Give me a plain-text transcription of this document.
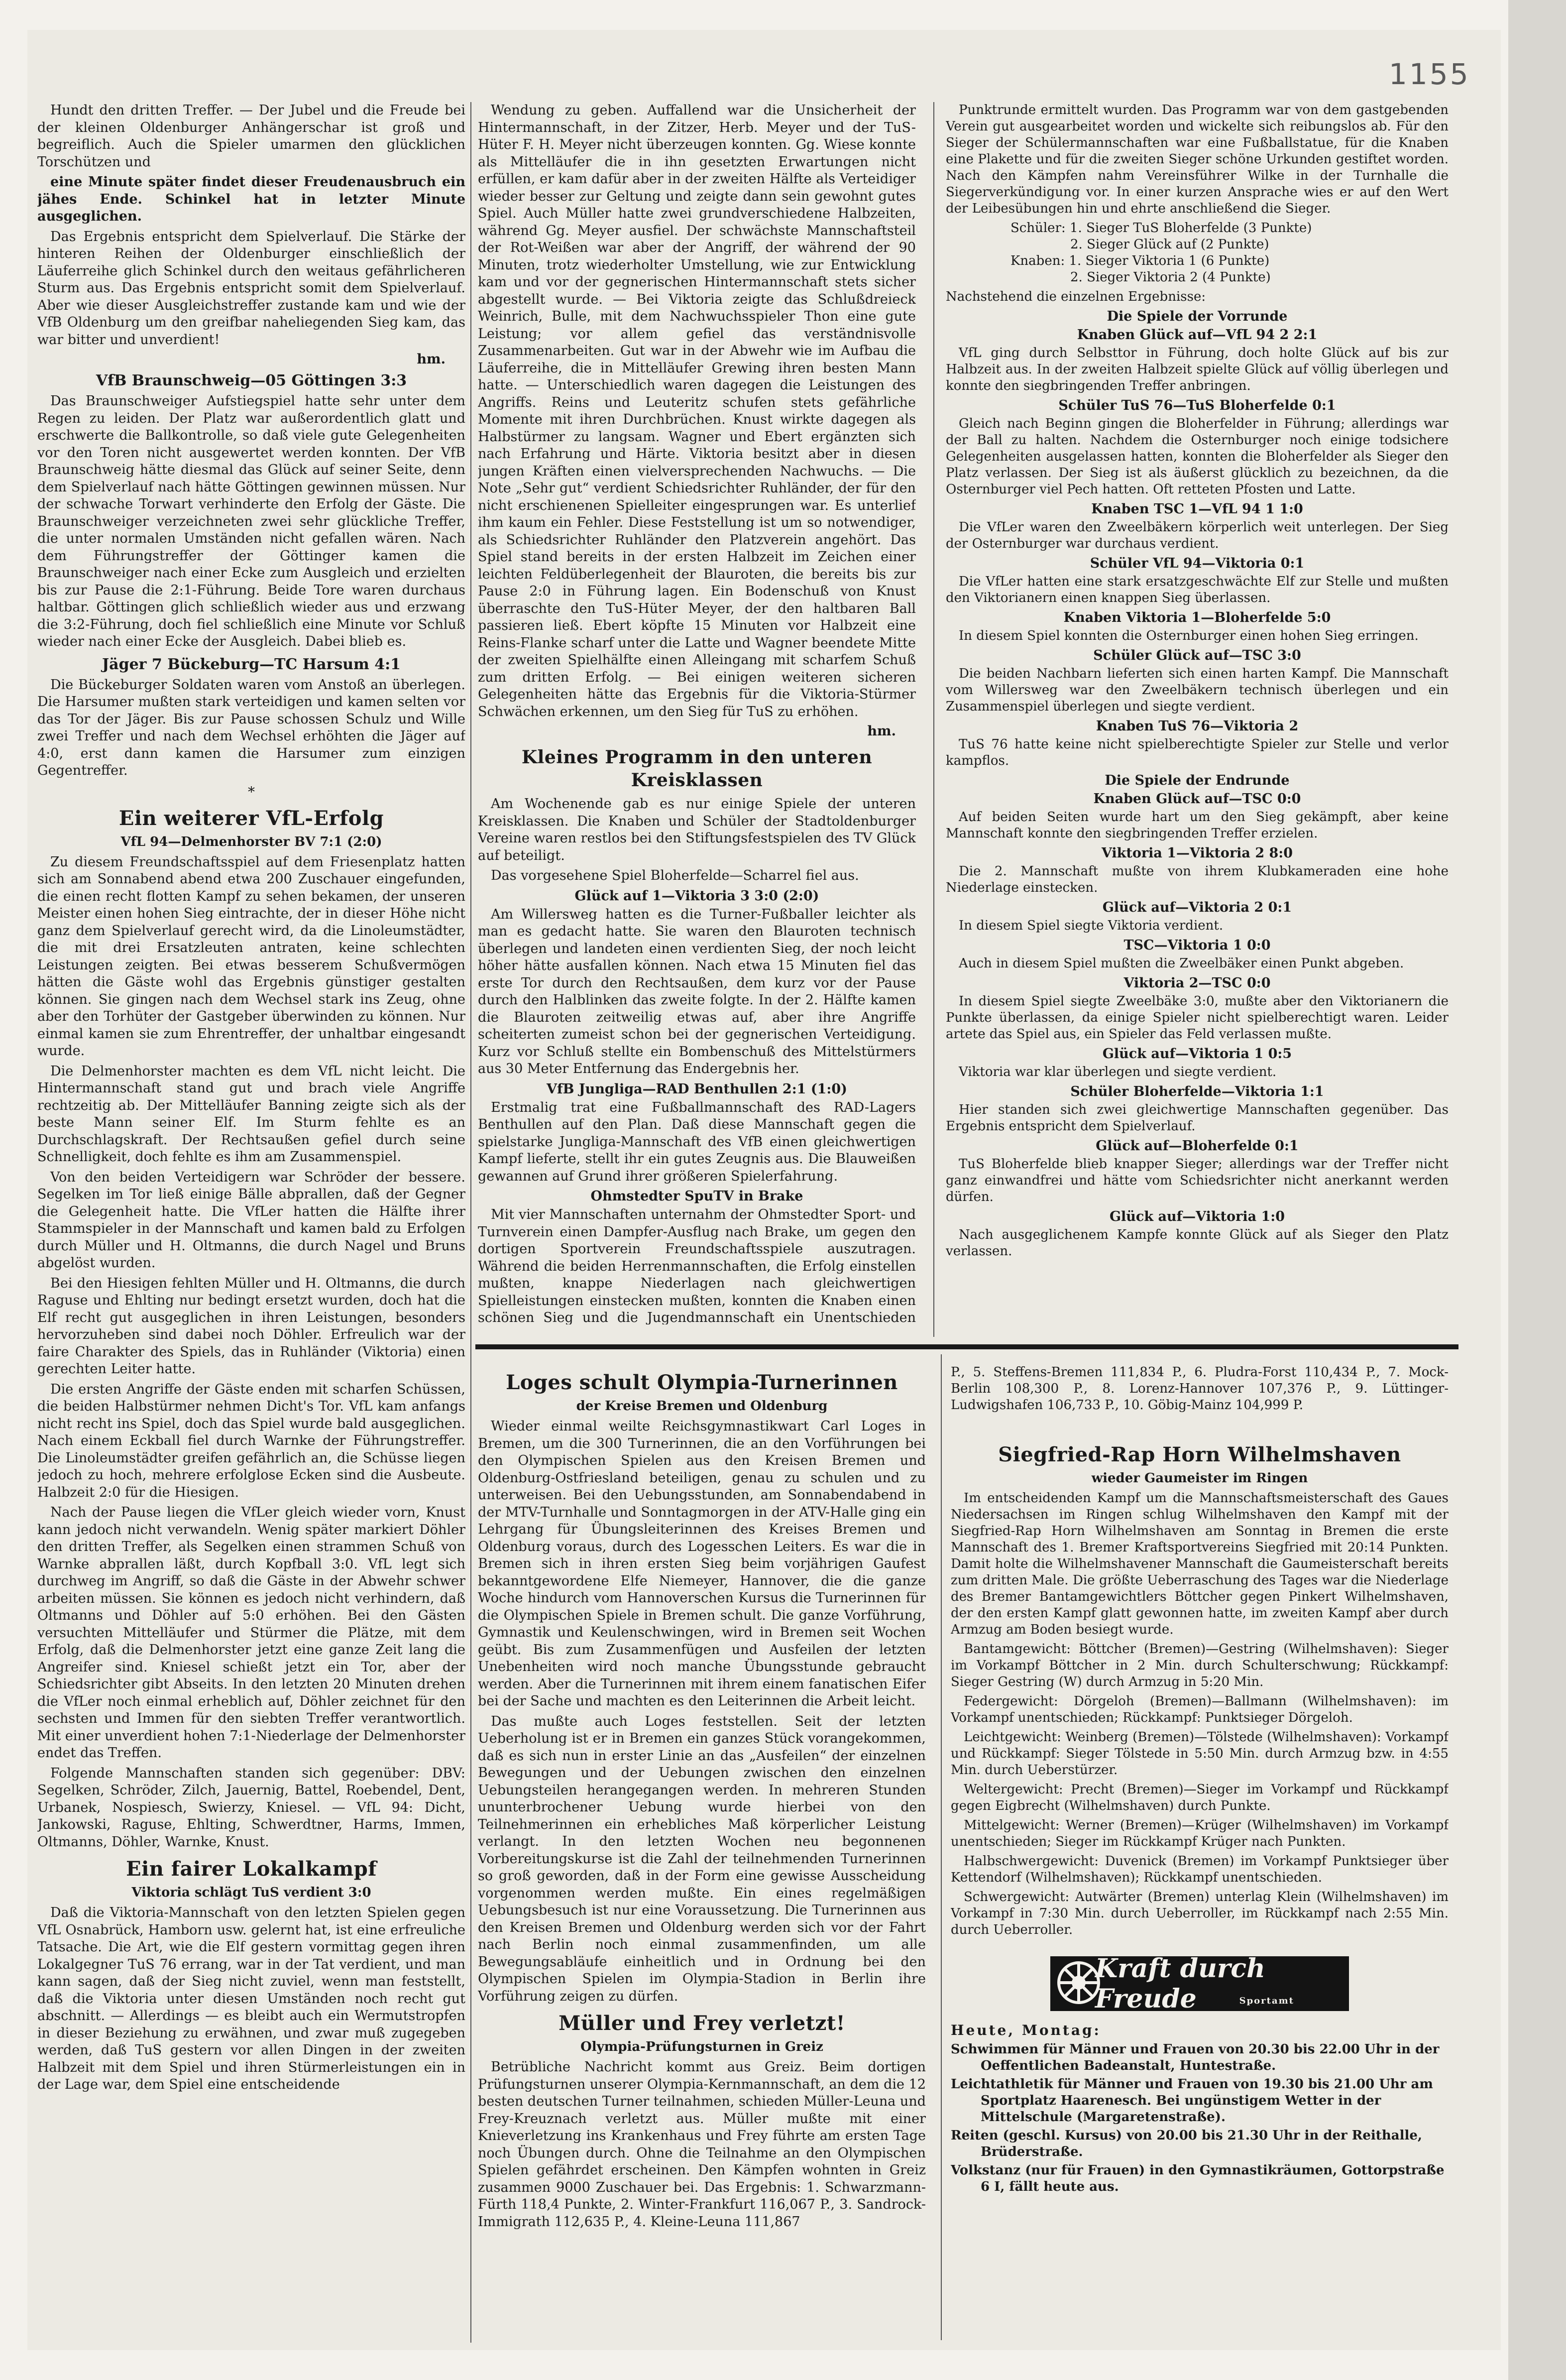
1155

Hundt den dritten Treffer. — Der Jubel und die Freude bei der kleinen Oldenburger Anhängerschar ist groß und begreiflich. Auch die Spieler umarmen den glücklichen Torschützen und

eine Minute später findet dieser Freudenausbruch ein jähes Ende. Schinkel hat in letzter Minute ausgeglichen.

Das Ergebnis entspricht dem Spielverlauf. Die Stärke der hinteren Reihen der Oldenburger einschließlich der Läuferreihe glich Schinkel durch den weitaus gefährlicheren Sturm aus. Das Ergebnis entspricht somit dem Spielverlauf. Aber wie dieser Ausgleichstreffer zustande kam und wie der VfB Oldenburg um den greifbar naheliegenden Sieg kam, das war bitter und unverdient!

hm.
VfB Braunschweig—05 Göttingen 3:3

Das Braunschweiger Aufstiegspiel hatte sehr unter dem Regen zu leiden. Der Platz war außerordentlich glatt und erschwerte die Ballkontrolle, so daß viele gute Gelegenheiten vor den Toren nicht ausgewertet werden konnten. Der VfB Braunschweig hätte diesmal das Glück auf seiner Seite, denn dem Spielverlauf nach hätte Göttingen gewinnen müssen. Nur der schwache Torwart verhinderte den Erfolg der Gäste. Die Braunschweiger verzeichneten zwei sehr glückliche Treffer, die unter normalen Umständen nicht gefallen wären. Nach dem Führungstreffer der Göttinger kamen die Braunschweiger nach einer Ecke zum Ausgleich und erzielten bis zur Pause die 2:1-Führung. Beide Tore waren durchaus haltbar. Göttingen glich schließlich wieder aus und erzwang die 3:2-Führung, doch fiel schließlich eine Minute vor Schluß wieder nach einer Ecke der Ausgleich. Dabei blieb es.

Jäger 7 Bückeburg—TC Harsum 4:1

Die Bückeburger Soldaten waren vom Anstoß an überlegen. Die Harsumer mußten stark verteidigen und kamen selten vor das Tor der Jäger. Bis zur Pause schossen Schulz und Wille zwei Treffer und nach dem Wechsel erhöhten die Jäger auf 4:0, erst dann kamen die Harsumer zum einzigen Gegentreffer.

*
Ein weiterer VfL-Erfolg
VfL 94—Delmenhorster BV 7:1 (2:0)

Zu diesem Freundschaftsspiel auf dem Friesenplatz hatten sich am Sonnabend abend etwa 200 Zuschauer eingefunden, die einen recht flotten Kampf zu sehen bekamen, der unseren Meister einen hohen Sieg eintrachte, der in dieser Höhe nicht ganz dem Spielverlauf gerecht wird, da die Linoleumstädter, die mit drei Ersatzleuten antraten, keine schlechten Leistungen zeigten. Bei etwas besserem Schußvermögen hätten die Gäste wohl das Ergebnis günstiger gestalten können. Sie gingen nach dem Wechsel stark ins Zeug, ohne aber den Torhüter der Gastgeber überwinden zu können. Nur einmal kamen sie zum Ehrentreffer, der unhaltbar eingesandt wurde.

Die Delmenhorster machten es dem VfL nicht leicht. Die Hintermannschaft stand gut und brach viele Angriffe rechtzeitig ab. Der Mittelläufer Banning zeigte sich als der beste Mann seiner Elf. Im Sturm fehlte es an Durchschlagskraft. Der Rechtsaußen gefiel durch seine Schnelligkeit, doch fehlte es ihm am Zusammenspiel.

Von den beiden Verteidigern war Schröder der bessere. Segelken im Tor ließ einige Bälle abprallen, daß der Gegner die Gelegenheit hatte. Die VfLer hatten die Hälfte ihrer Stammspieler in der Mannschaft und kamen bald zu Erfolgen durch Müller und H. Oltmanns, die durch Nagel und Bruns abgelöst wurden.

Bei den Hiesigen fehlten Müller und H. Oltmanns, die durch Raguse und Ehlting nur bedingt ersetzt wurden, doch hat die Elf recht gut ausgeglichen in ihren Leistungen, besonders hervorzuheben sind dabei noch Döhler. Erfreulich war der faire Charakter des Spiels, das in Ruhländer (Viktoria) einen gerechten Leiter hatte.

Die ersten Angriffe der Gäste enden mit scharfen Schüssen, die beiden Halbstürmer nehmen Dicht's Tor. VfL kam anfangs nicht recht ins Spiel, doch das Spiel wurde bald ausgeglichen. Nach einem Eckball fiel durch Warnke der Führungstreffer. Die Linoleumstädter greifen gefährlich an, die Schüsse liegen jedoch zu hoch, mehrere erfolglose Ecken sind die Ausbeute. Halbzeit 2:0 für die Hiesigen.

Nach der Pause liegen die VfLer gleich wieder vorn, Knust kann jedoch nicht verwandeln. Wenig später markiert Döhler den dritten Treffer, als Segelken einen strammen Schuß von Warnke abprallen läßt, durch Kopfball 3:0. VfL legt sich durchweg im Angriff, so daß die Gäste in der Abwehr schwer arbeiten müssen. Sie können es jedoch nicht verhindern, daß Oltmanns und Döhler auf 5:0 erhöhen. Bei den Gästen versuchten Mittelläufer und Stürmer die Plätze, mit dem Erfolg, daß die Delmenhorster jetzt eine ganze Zeit lang die Angreifer sind. Kniesel schießt jetzt ein Tor, aber der Schiedsrichter gibt Abseits. In den letzten 20 Minuten drehen die VfLer noch einmal erheblich auf, Döhler zeichnet für den sechsten und Immen für den siebten Treffer verantwortlich. Mit einer unverdient hohen 7:1-Niederlage der Delmenhorster endet das Treffen.

Folgende Mannschaften standen sich gegenüber: DBV: Segelken, Schröder, Zilch, Jauernig, Battel, Roebendel, Dent, Urbanek, Nospiesch, Swierzy, Kniesel. — VfL 94: Dicht, Jankowski, Raguse, Ehlting, Schwerdtner, Harms, Immen, Oltmanns, Döhler, Warnke, Knust.

Ein fairer Lokalkampf
Viktoria schlägt TuS verdient 3:0

Daß die Viktoria-Mannschaft von den letzten Spielen gegen VfL Osnabrück, Hamborn usw. gelernt hat, ist eine erfreuliche Tatsache. Die Art, wie die Elf gestern vormittag gegen ihren Lokalgegner TuS 76 errang, war in der Tat verdient, und man kann sagen, daß der Sieg nicht zuviel, wenn man feststellt, daß die Viktoria unter diesen Umständen noch recht gut abschnitt. — Allerdings — es bleibt auch ein Wermutstropfen in dieser Beziehung zu erwähnen, und zwar muß zugegeben werden, daß TuS gestern vor allen Dingen in der zweiten Halbzeit mit dem Spiel und ihren Stürmerleistungen ein in der Lage war, dem Spiel eine entscheidende

Wendung zu geben. Auffallend war die Unsicherheit der Hintermannschaft, in der Zitzer, Herb. Meyer und der TuS-Hüter F. H. Meyer nicht überzeugen konnten. Gg. Wiese konnte als Mittelläufer die in ihn gesetzten Erwartungen nicht erfüllen, er kam dafür aber in der zweiten Hälfte als Verteidiger wieder besser zur Geltung und zeigte dann sein gewohnt gutes Spiel. Auch Müller hatte zwei grundverschiedene Halbzeiten, während Gg. Meyer ausfiel. Der schwächste Mannschaftsteil der Rot-Weißen war aber der Angriff, der während der 90 Minuten, trotz wiederholter Umstellung, wie zur Entwicklung kam und vor der gegnerischen Hintermannschaft stets sicher abgestellt wurde. — Bei Viktoria zeigte das Schlußdreieck Weinrich, Bulle, mit dem Nachwuchsspieler Thon eine gute Leistung; vor allem gefiel das verständnisvolle Zusammenarbeiten. Gut war in der Abwehr wie im Aufbau die Läuferreihe, die in Mittelläufer Grewing ihren besten Mann hatte. — Unterschiedlich waren dagegen die Leistungen des Angriffs. Reins und Leuteritz schufen stets gefährliche Momente mit ihren Durchbrüchen. Knust wirkte dagegen als Halbstürmer zu langsam. Wagner und Ebert ergänzten sich nach Erfahrung und Härte. Viktoria besitzt aber in diesen jungen Kräften einen vielversprechenden Nachwuchs. — Die Note „Sehr gut“ verdient Schiedsrichter Ruhländer, der für den nicht erschienenen Spielleiter eingesprungen war. Es unterlief ihm kaum ein Fehler. Diese Feststellung ist um so notwendiger, als Schiedsrichter Ruhländer den Platzverein angehört. Das Spiel stand bereits in der ersten Halbzeit im Zeichen einer leichten Feldüberlegenheit der Blauroten, die bereits bis zur Pause 2:0 in Führung lagen. Ein Bodenschuß von Knust überraschte den TuS-Hüter Meyer, der den haltbaren Ball passieren ließ. Ebert köpfte 15 Minuten vor Halbzeit eine Reins-Flanke scharf unter die Latte und Wagner beendete Mitte der zweiten Spielhälfte einen Alleingang mit scharfem Schuß zum dritten Erfolg. — Bei einigen weiteren sicheren Gelegenheiten hätte das Ergebnis für die Viktoria-Stürmer Schwächen erkennen, um den Sieg für TuS zu erhöhen.

hm.
Kleines Programm in den unteren Kreisklassen

Am Wochenende gab es nur einige Spiele der unteren Kreisklassen. Die Knaben und Schüler der Stadtoldenburger Vereine waren restlos bei den Stiftungsfestspielen des TV Glück auf beteiligt.

Das vorgesehene Spiel Bloherfelde—Scharrel fiel aus.

Glück auf 1—Viktoria 3 3:0 (2:0)

Am Willersweg hatten es die Turner-Fußballer leichter als man es gedacht hatte. Sie waren den Blauroten technisch überlegen und landeten einen verdienten Sieg, der noch leicht höher hätte ausfallen können. Nach etwa 15 Minuten fiel das erste Tor durch den Rechtsaußen, dem kurz vor der Pause durch den Halblinken das zweite folgte. In der 2. Hälfte kamen die Blauroten zeitweilig etwas auf, aber ihre Angriffe scheiterten zumeist schon bei der gegnerischen Verteidigung. Kurz vor Schluß stellte ein Bombenschuß des Mittelstürmers aus 30 Meter Entfernung das Endergebnis her.

VfB Jungliga—RAD Benthullen 2:1 (1:0)

Erstmalig trat eine Fußballmannschaft des RAD-Lagers Benthullen auf den Plan. Daß diese Mannschaft gegen die spielstarke Jungliga-Mannschaft des VfB einen gleichwertigen Kampf lieferte, stellt ihr ein gutes Zeugnis aus. Die Blauweißen gewannen auf Grund ihrer größeren Spielerfahrung.

Ohmstedter SpuTV in Brake

Mit vier Mannschaften unternahm der Ohmstedter Sport- und Turnverein einen Dampfer-Ausflug nach Brake, um gegen den dortigen Sportverein Freundschaftsspiele auszutragen. Während die beiden Herrenmannschaften, die Erfolg einstellen mußten, knappe Niederlagen nach gleichwertigen Spielleistungen einstecken mußten, konnten die Knaben einen schönen Sieg und die Jugendmannschaft ein Unentschieden

Punktrunde ermittelt wurden. Das Programm war von dem gastgebenden Verein gut ausgearbeitet worden und wickelte sich reibungslos ab. Für den Sieger der Schülermannschaften war eine Fußballstatue, für die Knaben eine Plakette und für die zweiten Sieger schöne Urkunden gestiftet worden. Nach den Kämpfen nahm Vereinsführer Wilke in der Turnhalle die Siegerverkündigung vor. In einer kurzen Ansprache wies er auf den Wert der Leibesübungen hin und ehrte anschließend die Sieger.

Schüler: 1. Sieger TuS Bloherfelde (3 Punkte)
2. Sieger Glück auf (2 Punkte)
Knaben: 1. Sieger Viktoria 1 (6 Punkte)
2. Sieger Viktoria 2 (4 Punkte)

Nachstehend die einzelnen Ergebnisse:

Die Spiele der Vorrunde
Knaben Glück auf—VfL 94 2 2:1

VfL ging durch Selbsttor in Führung, doch holte Glück auf bis zur Halbzeit aus. In der zweiten Halbzeit spielte Glück auf völlig überlegen und konnte den siegbringenden Treffer anbringen.

Schüler TuS 76—TuS Bloherfelde 0:1

Gleich nach Beginn gingen die Bloherfelder in Führung; allerdings war der Ball zu halten. Nachdem die Osternburger noch einige todsichere Gelegenheiten ausgelassen hatten, konnten die Bloherfelder als Sieger den Platz verlassen. Der Sieg ist als äußerst glücklich zu bezeichnen, da die Osternburger viel Pech hatten. Oft retteten Pfosten und Latte.

Knaben TSC 1—VfL 94 1 1:0

Die VfLer waren den Zweelbäkern körperlich weit unterlegen. Der Sieg der Osternburger war durchaus verdient.

Schüler VfL 94—Viktoria 0:1

Die VfLer hatten eine stark ersatzgeschwächte Elf zur Stelle und mußten den Viktorianern einen knappen Sieg überlassen.

Knaben Viktoria 1—Bloherfelde 5:0

In diesem Spiel konnten die Osternburger einen hohen Sieg erringen.

Schüler Glück auf—TSC 3:0

Die beiden Nachbarn lieferten sich einen harten Kampf. Die Mannschaft vom Willersweg war den Zweelbäkern technisch überlegen und ein Zusammenspiel überlegen und siegte verdient.

Knaben TuS 76—Viktoria 2

TuS 76 hatte keine nicht spielberechtigte Spieler zur Stelle und verlor kampflos.

Die Spiele der Endrunde
Knaben Glück auf—TSC 0:0

Auf beiden Seiten wurde hart um den Sieg gekämpft, aber keine Mannschaft konnte den siegbringenden Treffer erzielen.

Viktoria 1—Viktoria 2 8:0

Die 2. Mannschaft mußte von ihrem Klubkameraden eine hohe Niederlage einstecken.

Glück auf—Viktoria 2 0:1

In diesem Spiel siegte Viktoria verdient.

TSC—Viktoria 1 0:0

Auch in diesem Spiel mußten die Zweelbäker einen Punkt abgeben.

Viktoria 2—TSC 0:0

In diesem Spiel siegte Zweelbäke 3:0, mußte aber den Viktorianern die Punkte überlassen, da einige Spieler nicht spielberechtigt waren. Leider artete das Spiel aus, ein Spieler das Feld verlassen mußte.

Glück auf—Viktoria 1 0:5

Viktoria war klar überlegen und siegte verdient.

Schüler Bloherfelde—Viktoria 1:1

Hier standen sich zwei gleichwertige Mannschaften gegenüber. Das Ergebnis entspricht dem Spielverlauf.

Glück auf—Bloherfelde 0:1

TuS Bloherfelde blieb knapper Sieger; allerdings war der Treffer nicht ganz einwandfrei und hätte vom Schiedsrichter nicht anerkannt werden dürfen.

Glück auf—Viktoria 1:0

Nach ausgeglichenem Kampfe konnte Glück auf als Sieger den Platz verlassen.

Loges schult Olympia-Turnerinnen
der Kreise Bremen und Oldenburg

Wieder einmal weilte Reichsgymnastikwart Carl Loges in Bremen, um die 300 Turnerinnen, die an den Vorführungen bei den Olympischen Spielen aus den Kreisen Bremen und Oldenburg-Ostfriesland beteiligen, genau zu schulen und zu unterweisen. Bei den Uebungsstunden, am Sonnabendabend in der MTV-Turnhalle und Sonntagmorgen in der ATV-Halle ging ein Lehrgang für Übungsleiterinnen des Kreises Bremen und Oldenburg voraus, durch des Logesschen Leiters. Es war die in Bremen sich in ihren ersten Sieg beim vorjährigen Gaufest bekanntgewordene Elfe Niemeyer, Hannover, die die ganze Woche hindurch vom Hannoverschen Kursus die Turnerinnen für die Olympischen Spiele in Bremen schult. Die ganze Vorführung, Gymnastik und Keulenschwingen, wird in Bremen seit Wochen geübt. Bis zum Zusammenfügen und Ausfeilen der letzten Unebenheiten wird noch manche Übungsstunde gebraucht werden. Aber die Turnerinnen mit ihrem einem fanatischen Eifer bei der Sache und machten es den Leiterinnen die Arbeit leicht.

Das mußte auch Loges feststellen. Seit der letzten Ueberholung ist er in Bremen ein ganzes Stück vorangekommen, daß es sich nun in erster Linie an das „Ausfeilen“ der einzelnen Bewegungen und der Uebungen zwischen den einzelnen Uebungsteilen herangegangen werden. In mehreren Stunden ununterbrochener Uebung wurde hierbei von den Teilnehmerinnen ein erhebliches Maß körperlicher Leistung verlangt. In den letzten Wochen neu begonnenen Vorbereitungskurse ist die Zahl der teilnehmenden Turnerinnen so groß geworden, daß in der Form eine gewisse Ausscheidung vorgenommen werden mußte. Ein eines regelmäßigen Uebungsbesuch ist nur eine Voraussetzung. Die Turnerinnen aus den Kreisen Bremen und Oldenburg werden sich vor der Fahrt nach Berlin noch einmal zusammenfinden, um alle Bewegungsabläufe einheitlich und in Ordnung bei den Olympischen Spielen im Olympia-Stadion in Berlin ihre Vorführung zeigen zu dürfen.

Müller und Frey verletzt!
Olympia-Prüfungsturnen in Greiz

Betrübliche Nachricht kommt aus Greiz. Beim dortigen Prüfungsturnen unserer Olympia-Kernmannschaft, an dem die 12 besten deutschen Turner teilnahmen, schieden Müller-Leuna und Frey-Kreuznach verletzt aus. Müller mußte mit einer Knieverletzung ins Krankenhaus und Frey führte am ersten Tage noch Übungen durch. Ohne die Teilnahme an den Olympischen Spielen gefährdet erscheinen. Den Kämpfen wohnten in Greiz zusammen 9000 Zuschauer bei. Das Ergebnis: 1. Schwarzmann-Fürth 118,4 Punkte, 2. Winter-Frankfurt 116,067 P., 3. Sandrock-Immigrath 112,635 P., 4. Kleine-Leuna 111,867

P., 5. Steffens-Bremen 111,834 P., 6. Pludra-Forst 110,434 P., 7. Mock-Berlin 108,300 P., 8. Lorenz-Hannover 107,376 P., 9. Lüttinger-Ludwigshafen 106,733 P., 10. Göbig-Mainz 104,999 P.

Siegfried-Rap Horn Wilhelmshaven
wieder Gaumeister im Ringen

Im entscheidenden Kampf um die Mannschaftsmeisterschaft des Gaues Niedersachsen im Ringen schlug Wilhelmshaven den Kampf mit der Siegfried-Rap Horn Wilhelmshaven am Sonntag in Bremen die erste Mannschaft des 1. Bremer Kraftsportvereins Siegfried mit 20:14 Punkten. Damit holte die Wilhelmshavener Mannschaft die Gaumeisterschaft bereits zum dritten Male. Die größte Ueberraschung des Tages war die Niederlage des Bremer Bantamgewichtlers Böttcher gegen Pinkert Wilhelmshaven, der den ersten Kampf glatt gewonnen hatte, im zweiten Kampf aber durch Armzug am Boden besiegt wurde.

Bantamgewicht: Böttcher (Bremen)—Gestring (Wilhelmshaven): Sieger im Vorkampf Böttcher in 2 Min. durch Schulterschwung; Rückkampf: Sieger Gestring (W) durch Armzug in 5:20 Min.

Federgewicht: Dörgeloh (Bremen)—Ballmann (Wilhelmshaven): im Vorkampf unentschieden; Rückkampf: Punktsieger Dörgeloh.

Leichtgewicht: Weinberg (Bremen)—Tölstede (Wilhelmshaven): Vorkampf und Rückkampf: Sieger Tölstede in 5:50 Min. durch Armzug bzw. in 4:55 Min. durch Ueberstürzer.

Weltergewicht: Precht (Bremen)—Sieger im Vorkampf und Rückkampf gegen Eigbrecht (Wilhelmshaven) durch Punkte.

Mittelgewicht: Werner (Bremen)—Krüger (Wilhelmshaven) im Vorkampf unentschieden; Sieger im Rückkampf Krüger nach Punkten.

Halbschwergewicht: Duvenick (Bremen) im Vorkampf Punktsieger über Kettendorf (Wilhelmshaven); Rückkampf unentschieden.

Schwergewicht: Autwärter (Bremen) unterlag Klein (Wilhelmshaven) im Vorkampf in 7:30 Min. durch Ueberroller, im Rückkampf nach 2:55 Min. durch Ueberroller.

Kraft durch Freude	Sportamt
Heute, Montag:
Schwimmen für Männer und Frauen von 20.30 bis 22.00 Uhr in der Oeffentlichen Badeanstalt, Huntestraße.
Leichtathletik für Männer und Frauen von 19.30 bis 21.00 Uhr am Sportplatz Haarenesch. Bei ungünstigem Wetter in der Mittelschule (Margaretenstraße).
Reiten (geschl. Kursus) von 20.00 bis 21.30 Uhr in der Reithalle, Brüderstraße.
Volkstanz (nur für Frauen) in den Gymnastikräumen, Gottorpstraße 6 I, fällt heute aus.
